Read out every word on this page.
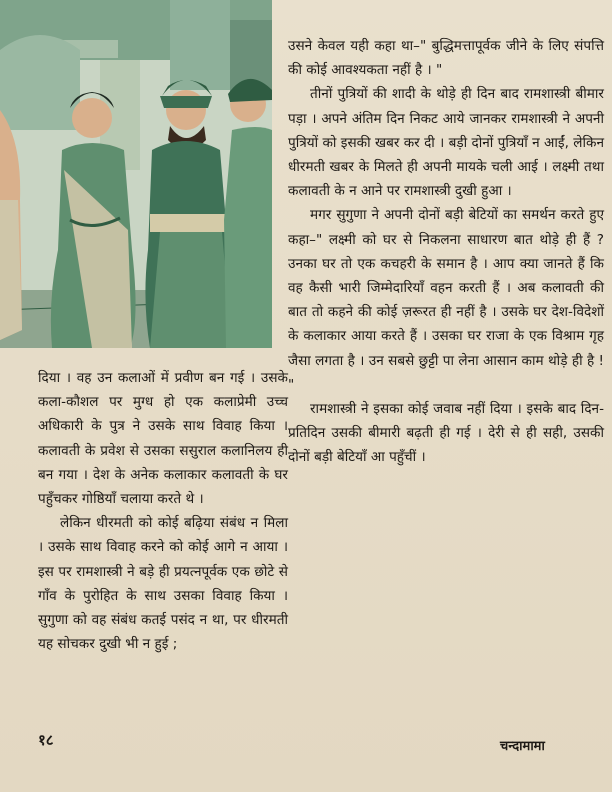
उसने केवल यही कहा था–" बुद्धिमत्तापूर्वक जीने के लिए संपत्ति की कोई आवश्यकता नहीं है । "

तीनों पुत्रियों की शादी के थोड़े ही दिन बाद रामशास्त्री बीमार पड़ा । अपने अंतिम दिन निकट आये जानकर रामशास्त्री ने अपनी पुत्रियों को इसकी खबर कर दी । बड़ी दोनों पुत्रियाँ न आईं, लेकिन धीरमती खबर के मिलते ही अपनी मायके चली आई । लक्ष्मी तथा कलावती के न आने पर रामशास्त्री दुखी हुआ ।

मगर सुगुणा ने अपनी दोनों बड़ी बेटियों का समर्थन करते हुए कहा–" लक्ष्मी को घर से निकलना साधारण बात थोड़े ही हैं ? उनका घर तो एक कचहरी के समान है । आप क्या जानते हैं कि वह कैसी भारी जिम्मेदारियाँ वहन करती हैं । अब कलावती की बात तो कहने की कोई ज़रूरत ही नहीं है । उसके घर देश-विदेशों के कलाकार आया करते हैं । उसका घर राजा के एक विश्राम गृह जैसा लगता है । उन सबसे छुट्टी पा लेना आसान काम थोड़े ही है ! "

रामशास्त्री ने इसका कोई जवाब नहीं दिया । इसके बाद दिन-प्रतिदिन उसकी बीमारी बढ़ती ही गई । देरी से ही सही, उसकी दोनों बड़ी बेटियाँ आ पहुँचीं ।

दिया । वह उन कलाओं में प्रवीण बन गई । उसके कला-कौशल पर मुग्ध हो एक कलाप्रेमी उच्च अधिकारी के पुत्र ने उसके साथ विवाह किया । कलावती के प्रवेश से उसका ससुराल कलानिलय ही बन गया । देश के अनेक कलाकार कलावती के घर पहुँचकर गोष्ठियाँ चलाया करते थे ।

लेकिन धीरमती को कोई बढ़िया संबंध न मिला । उसके साथ विवाह करने को कोई आगे न आया । इस पर रामशास्त्री ने बड़े ही प्रयत्नपूर्वक एक छोटे से गाँव के पुरोहित के साथ उसका विवाह किया । सुगुणा को वह संबंध कतई पसंद न था, पर धीरमती यह सोचकर दुखी भी न हुई ;

१८	चन्दामामा
